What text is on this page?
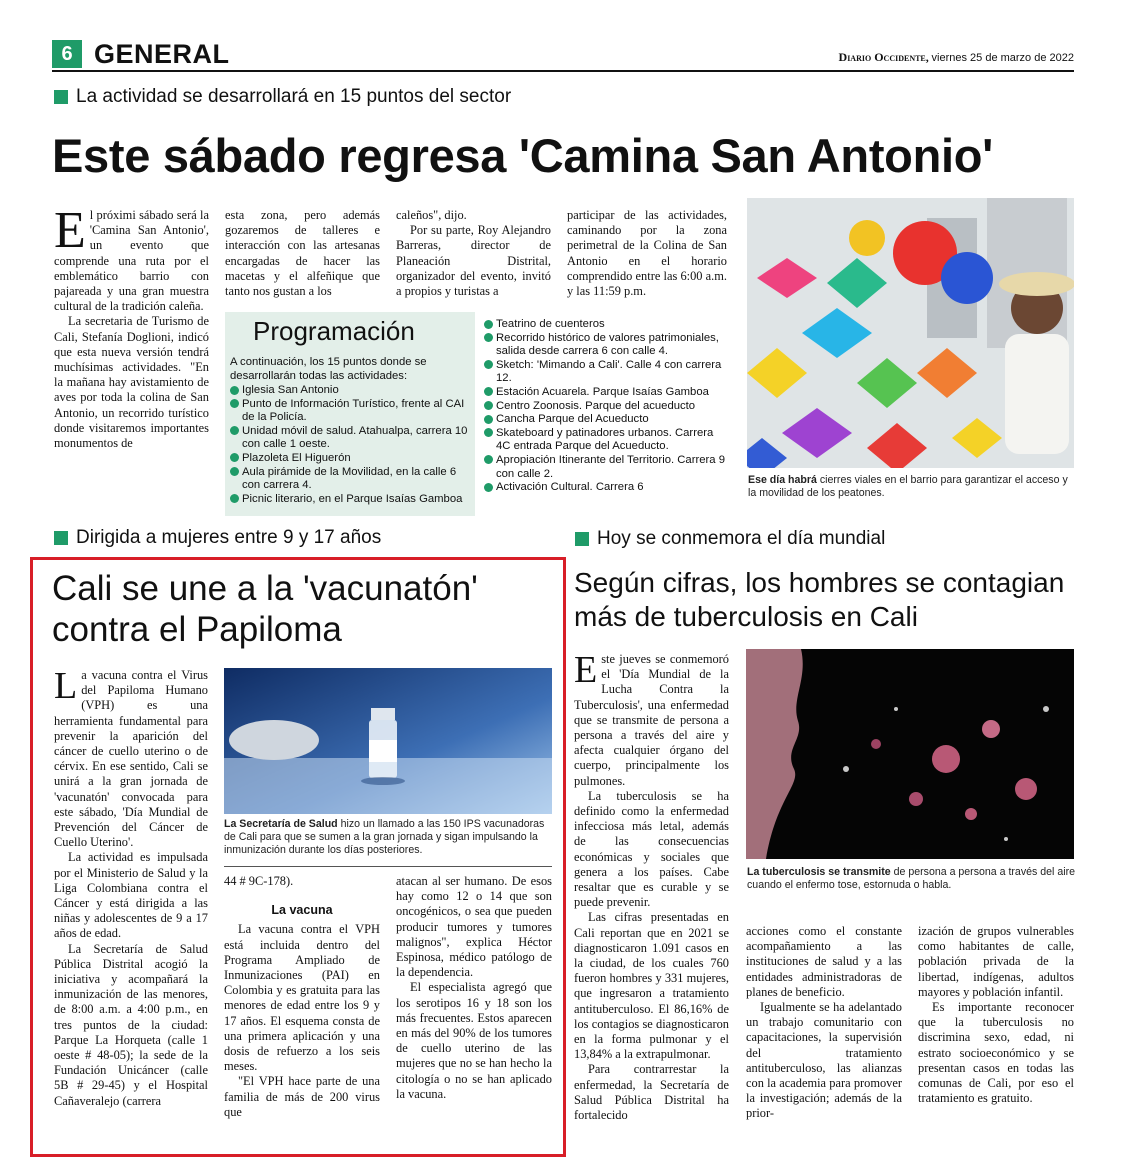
6 GENERAL	Diario Occidente, viernes 25 de marzo de 2022
La actividad se desarrollará en 15 puntos del sector
Este sábado regresa 'Camina San Antonio'
E l próximi sábado será la 'Camina San Antonio', un evento que comprende una ruta por el emblemático barrio con pajareada y una gran muestra cultural de la tradición caleña.

La secretaria de Turismo de Cali, Stefanía Doglioni, indicó que esta nueva versión tendrá muchísimas actividades. "En la mañana hay avistamiento de aves por toda la colina de San Antonio, un recorrido turístico donde visitaremos importantes monumentos de

esta zona, pero además gozaremos de talleres e interacción con las artesanas encargadas de hacer las macetas y el alfeñique que tanto nos gustan a los

caleños", dijo.

Por su parte, Roy Alejandro Barreras, director de Planeación Distrital, organizador del evento, invitó a propios y turistas a

participar de las actividades, caminando por la zona perimetral de la Colina de San Antonio en el horario comprendido entre las 6:00 a.m. y las 11:59 p.m.

Programación
A continuación, los 15 puntos donde se desarrollarán todas las actividades:

Iglesia San Antonio

Punto de Información Turístico, frente al CAI de la Policía.

Unidad móvil de salud. Atahualpa, carrera 10 con calle 1 oeste.

Plazoleta El Higuerón

Aula pirámide de la Movilidad, en la calle 6 con carrera 4.

Picnic literario, en el Parque Isaías Gamboa

Teatrino de cuenteros

Recorrido histórico de valores patrimoniales, salida desde carrera 6 con calle 4.

Sketch: 'Mimando a Cali'. Calle 4 con carrera 12.

Estación Acuarela. Parque Isaías Gamboa

Centro Zoonosis. Parque del acueducto

Cancha Parque del Acueducto

Skateboard y patinadores urbanos. Carrera 4C entrada Parque del Acueducto.

Apropiación Itinerante del Territorio. Carrera 9 con calle 2.

Activación Cultural. Carrera 6

Ese día habrá cierres viales en el barrio para garantizar el acceso y la movilidad de los peatones.
Dirigida a mujeres entre 9 y 17 años
Cali se une a la 'vacunatón' contra el Papiloma
L a vacuna contra el Virus del Papiloma Humano (VPH) es una herramienta fundamental para prevenir la aparición del cáncer de cuello uterino o de cérvix. En ese sentido, Cali se unirá a la gran jornada de 'vacunatón' convocada para este sábado, 'Día Mundial de Prevención del Cáncer de Cuello Uterino'.

La actividad es impulsada por el Ministerio de Salud y la Liga Colombiana contra el Cáncer y está dirigida a las niñas y adolescentes de 9 a 17 años de edad.

La Secretaría de Salud Pública Distrital acogió la iniciativa y acompañará la inmunización de las menores, de 8:00 a.m. a 4:00 p.m., en tres puntos de la ciudad: Parque La Horqueta (calle 1 oeste # 48-05); la sede de la Fundación Unicáncer (calle 5B # 29-45) y el Hospital Cañaveralejo (carrera

La Secretaría de Salud hizo un llamado a las 150 IPS vacunadoras de Cali para que se sumen a la gran jornada y sigan impulsando la inmunización durante los días posteriores.

44 # 9C-178).

La vacuna

La vacuna contra el VPH está incluida dentro del Programa Ampliado de Inmunizaciones (PAI) en Colombia y es gratuita para las menores de edad entre los 9 y 17 años. El esquema consta de una primera aplicación y una dosis de refuerzo a los seis meses.

"El VPH hace parte de una familia de más de 200 virus que

atacan al ser humano. De esos hay como 12 o 14 que son oncogénicos, o sea que pueden producir tumores y tumores malignos", explica Héctor Espinosa, médico patólogo de la dependencia.

El especialista agregó que los serotipos 16 y 18 son los más frecuentes. Estos aparecen en más del 90% de los tumores de cuello uterino de las mujeres que no se han hecho la citología o no se han aplicado la vacuna.

Hoy se conmemora el día mundial
Según cifras, los hombres se contagian más de tuberculosis en Cali
E ste jueves se conmemoró el 'Día Mundial de la Lucha Contra la Tuberculosis', una enfermedad que se transmite de persona a persona a través del aire y afecta cualquier órgano del cuerpo, principalmente los pulmones.

La tuberculosis se ha definido como la enfermedad infecciosa más letal, además de las consecuencias económicas y sociales que genera a los países. Cabe resaltar que es curable y se puede prevenir.

Las cifras presentadas en Cali reportan que en 2021 se diagnosticaron 1.091 casos en la ciudad, de los cuales 760 fueron hombres y 331 mujeres, que ingresaron a tratamiento antituberculoso. El 86,16% de los contagios se diagnosticaron en la forma pulmonar y el 13,84% a la extrapulmonar.

Para contrarrestar la enfermedad, la Secretaría de Salud Pública Distrital ha fortalecido

La tuberculosis se transmite de persona a persona a través del aire cuando el enfermo tose, estornuda o habla.

acciones como el constante acompañamiento a las instituciones de salud y a las entidades administradoras de planes de beneficio.

Igualmente se ha adelantado un trabajo comunitario con capacitaciones, la supervisión del tratamiento antituberculoso, las alianzas con la academia para promover la investigación; además de la prior-

ización de grupos vulnerables como habitantes de calle, población privada de la libertad, indígenas, adultos mayores y población infantil.

Es importante reconocer que la tuberculosis no discrimina sexo, edad, ni estrato socioeconómico y se presentan casos en todas las comunas de Cali, por eso el tratamiento es gratuito.
